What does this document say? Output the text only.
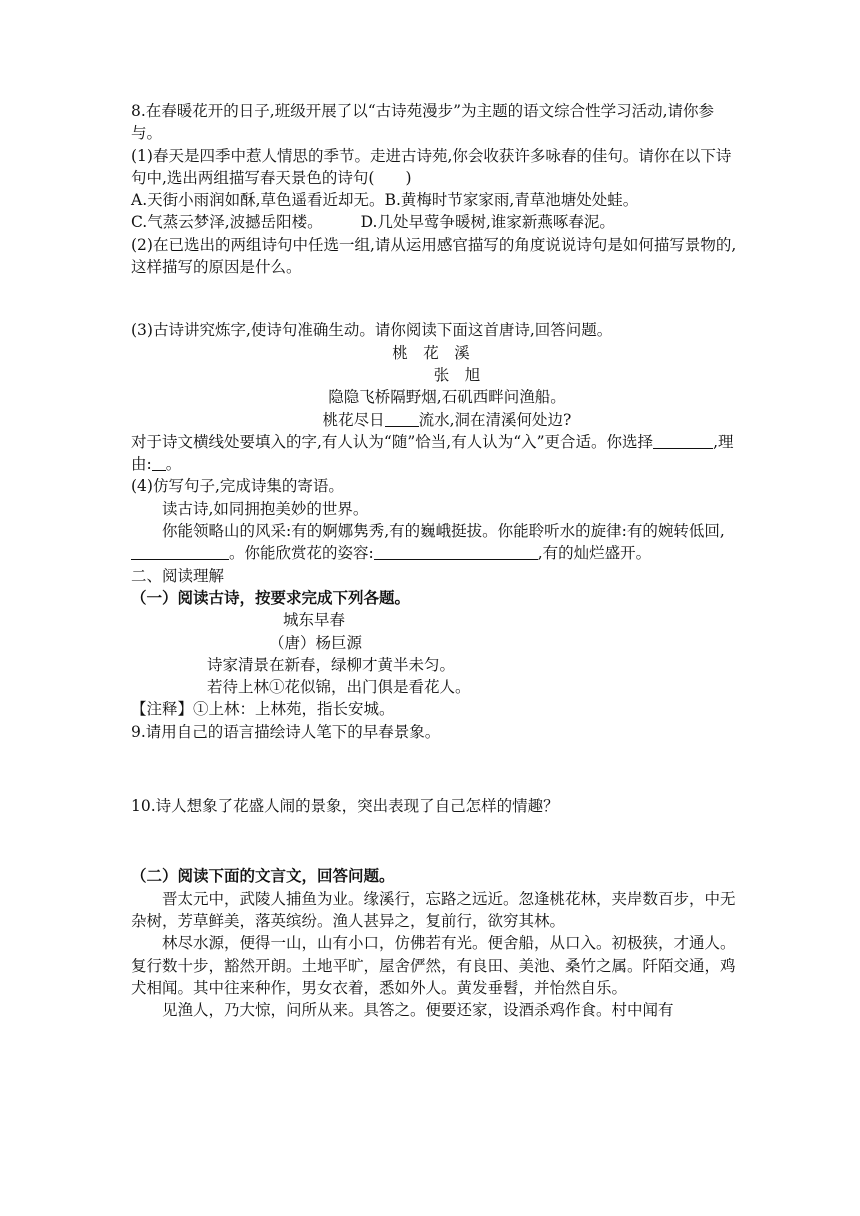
8.在春暖花开的日子,班级开展了以“古诗苑漫步”为主题的语文综合性学习活动,请你参与。

(1)春天是四季中惹人情思的季节。走进古诗苑,你会收获许多咏春的佳句。请你在以下诗句中,选出两组描写春天景色的诗句(　　)

A.天街小雨润如酥,草色遥看近却无。B.黄梅时节家家雨,青草池塘处处蛙。

C.气蒸云梦泽,波撼岳阳楼。 D.几处早莺争暖树,谁家新燕啄春泥。

(2)在已选出的两组诗句中任选一组,请从运用感官描写的角度说说诗句是如何描写景物的,这样描写的原因是什么。

(3)古诗讲究炼字,使诗句准确生动。请你阅读下面这首唐诗,回答问题。

桃　花　溪

张　旭

隐隐飞桥隔野烟,石矶西畔问渔船。

桃花尽日 流水,洞在清溪何处边?

对于诗文横线处要填入的字,有人认为“随”恰当,有人认为“入”更合适。你选择	,理由: 。

(4)仿写句子,完成诗集的寄语。

读古诗,如同拥抱美妙的世界。

你能领略山的风采:有的婀娜隽秀,有的巍峨挺拔。你能聆听水的旋律:有的婉转低回,。你能欣赏花的姿容:	,有的灿烂盛开。

二、阅读理解

（一）阅读古诗，按要求完成下列各题。

城东早春

（唐）杨巨源

诗家清景在新春，绿柳才黄半未匀。

若待上林①花似锦，出门俱是看花人。

【注释】①上林：上林苑，指长安城。

9.请用自己的语言描绘诗人笔下的早春景象。

10.诗人想象了花盛人闹的景象，突出表现了自己怎样的情趣？

（二）阅读下面的文言文，回答问题。

晋太元中，武陵人捕鱼为业。缘溪行，忘路之远近。忽逢桃花林，夹岸数百步，中无杂树，芳草鲜美，落英缤纷。渔人甚异之，复前行，欲穷其林。

林尽水源，便得一山，山有小口，仿佛若有光。便舍船，从口入。初极狭，才通人。复行数十步，豁然开朗。土地平旷，屋舍俨然，有良田、美池、桑竹之属。阡陌交通，鸡犬相闻。其中往来种作，男女衣着，悉如外人。黄发垂髫，并怡然自乐。

见渔人，乃大惊，问所从来。具答之。便要还家，设酒杀鸡作食。村中闻有
